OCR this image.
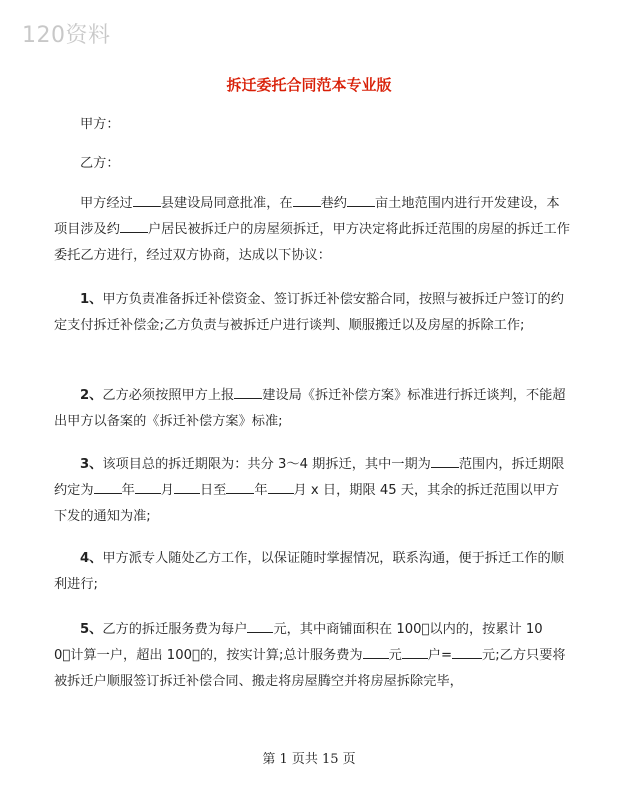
120资料
拆迁委托合同范本专业版

甲方：

乙方：

甲方经过 县建设局同意批准，在 巷约 亩土地范围内进行开发建设，本项目涉及约 户居民被拆迁户的房屋须拆迁，甲方决定将此拆迁范围的房屋的拆迁工作委托乙方进行，经过双方协商，达成以下协议：

1、甲方负责准备拆迁补偿资金、签订拆迁补偿安豁合同，按照与被拆迁户签订的约定支付拆迁补偿金;乙方负责与被拆迁户进行谈判、顺服搬迁以及房屋的拆除工作;

2、乙方必须按照甲方上报 建设局《拆迁补偿方案》标准进行拆迁谈判，不能超出甲方以备案的《拆迁补偿方案》标准;

3、该项目总的拆迁期限为：共分 3～4 期拆迁，其中一期为 范围内，拆迁期限约定为 年 月 日至 年 月 x 日，期限 45 天，其余的拆迁范围以甲方下发的通知为准;

4、甲方派专人随处乙方工作，以保证随时掌握情况，联系沟通，便于拆迁工作的顺利进行;

5、乙方的拆迁服务费为每户 元，其中商铺面积在 100 以内的，按累计 100 计算一户，超出 100 的，按实计算;总计服务费为 元 户= 元;乙方只要将被拆迁户顺服签订拆迁补偿合同、搬走将房屋腾空并将房屋拆除完毕，

第 1 页共 15 页
